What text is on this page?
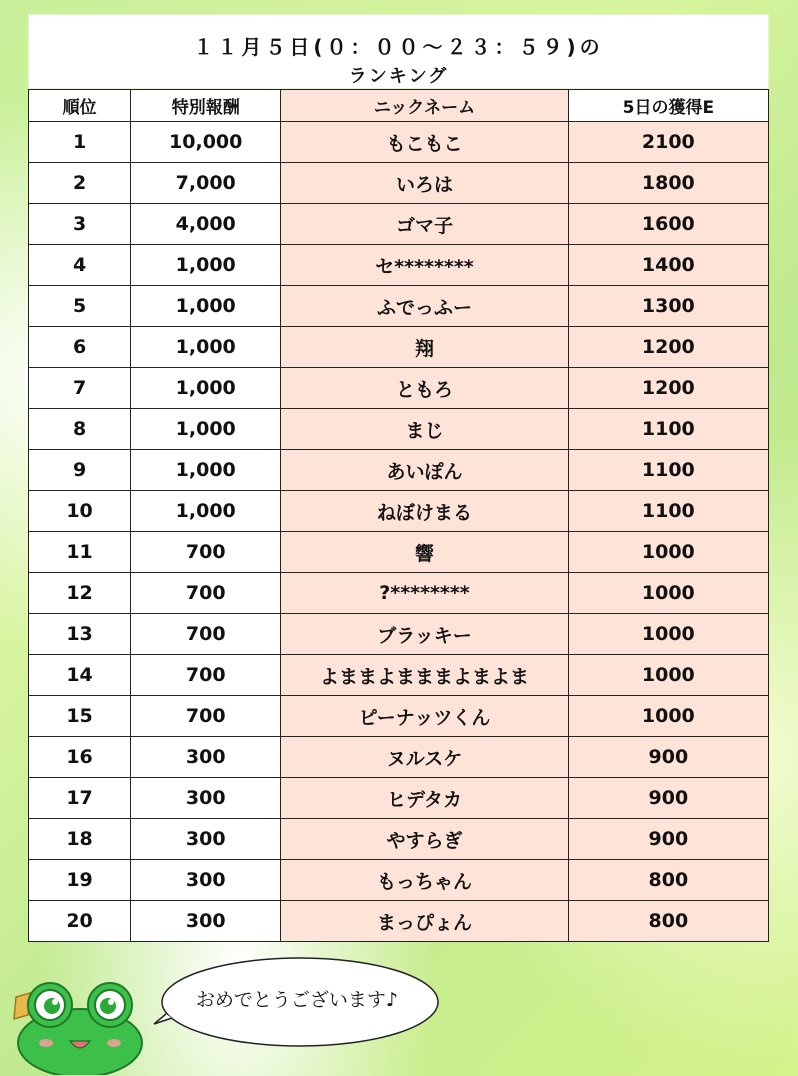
１１月５日(０：００～２３：５９)の
ランキング
順位	特別報酬	ニックネーム	5日の獲得E
1	10,000	もこもこ	2100
2	7,000	いろは	1800
3	4,000	ゴマ子	1600
4	1,000	セ********	1400
5	1,000	ふでっふー	1300
6	1,000	翔	1200
7	1,000	ともろ	1200
8	1,000	まじ	1100
9	1,000	あいぽん	1100
10	1,000	ねぼけまる	1100
11	700	響	1000
12	700	?********	1000
13	700	ブラッキー	1000
14	700	よままよまままよまよま	1000
15	700	ピーナッツくん	1000
16	300	ヌルスケ	900
17	300	ヒデタカ	900
18	300	やすらぎ	900
19	300	もっちゃん	800
20	300	まっぴょん	800
おめでとうございます♪
